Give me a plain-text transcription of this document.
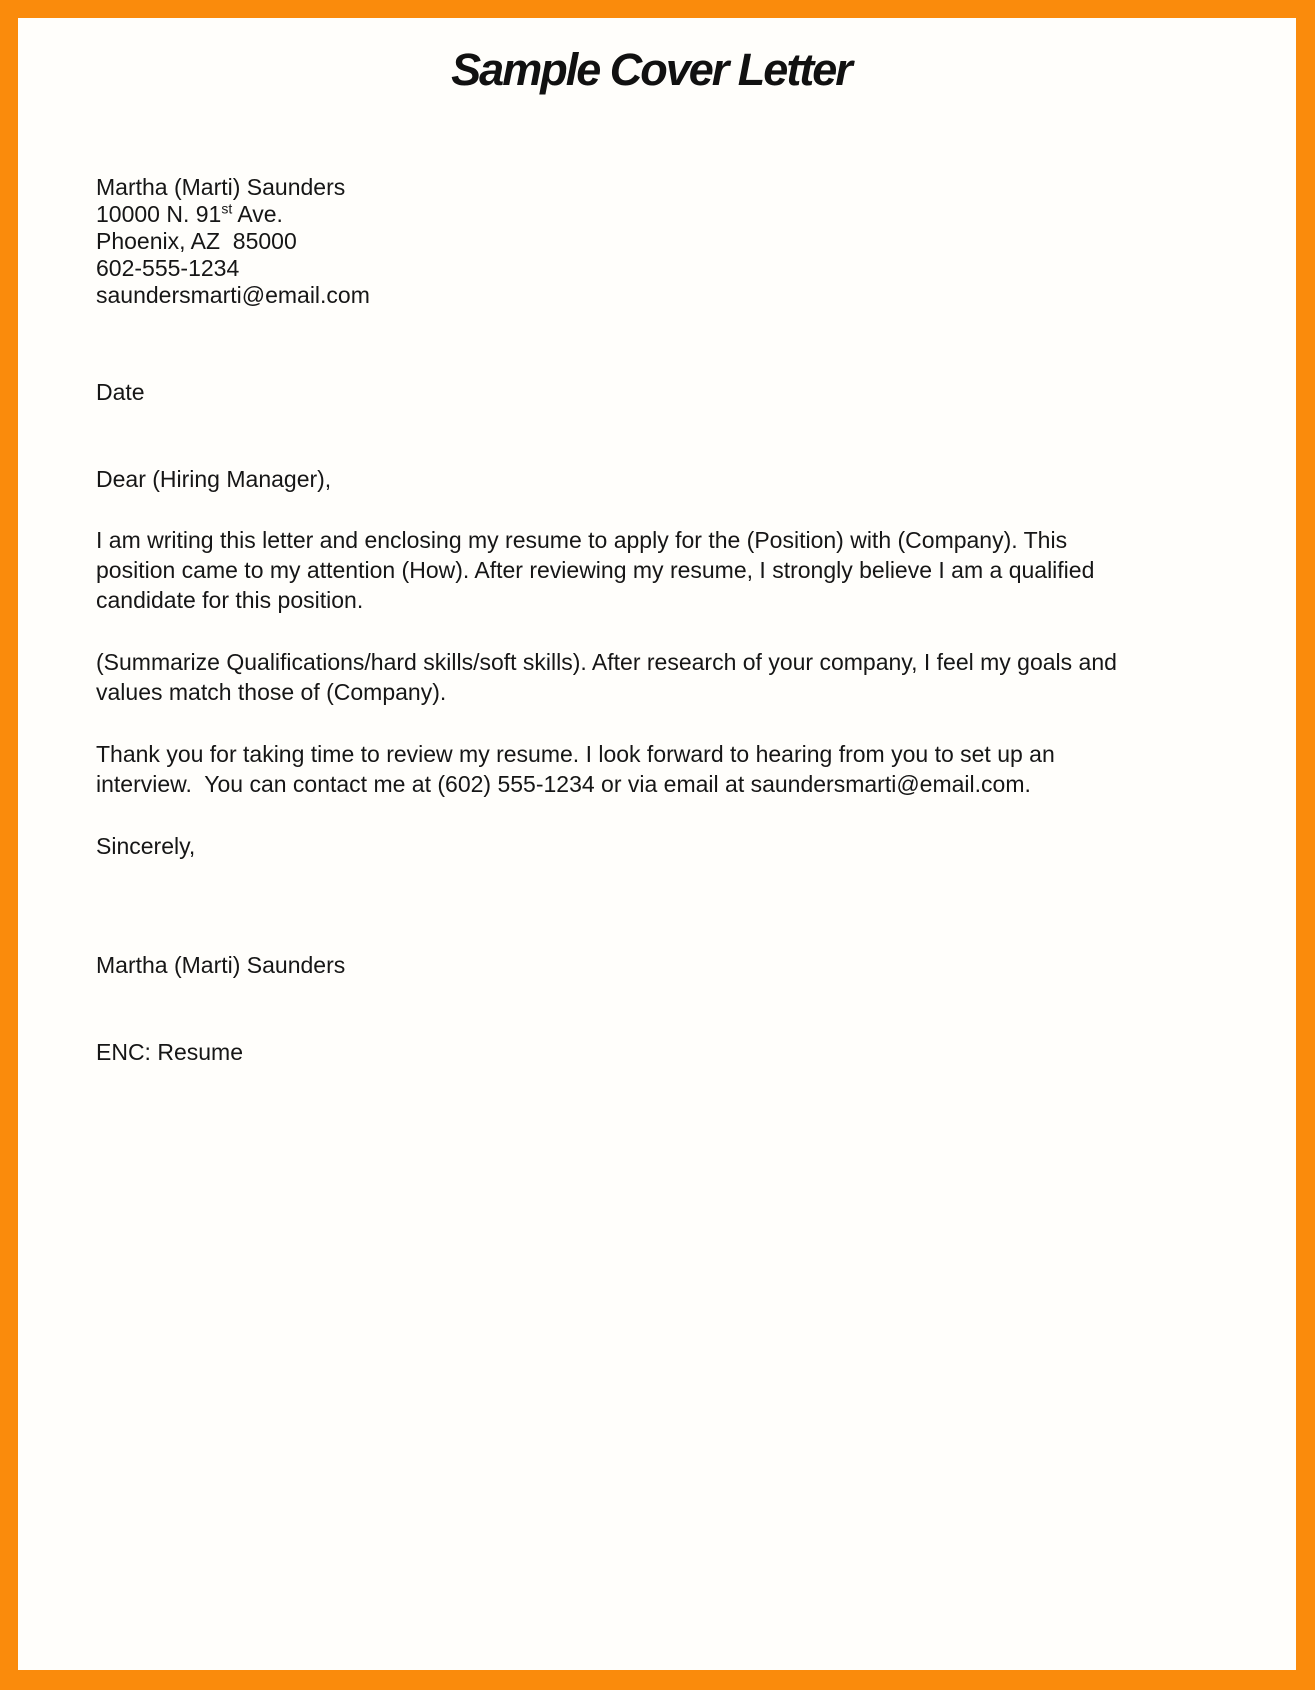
Sample Cover Letter
Martha (Marti) Saunders
10000 N. 91st Ave.
Phoenix, AZ  85000
602-555-1234
saundersmarti@email.com
Date
Dear (Hiring Manager),

I am writing this letter and enclosing my resume to apply for the (Position) with (Company). This
position came to my attention (How). After reviewing my resume, I strongly believe I am a qualified
candidate for this position.

(Summarize Qualifications/hard skills/soft skills). After research of your company, I feel my goals and
values match those of (Company).

Thank you for taking time to review my resume. I look forward to hearing from you to set up an
interview.  You can contact me at (602) 555-1234 or via email at saundersmarti@email.com.

Sincerely,
Martha (Marti) Saunders
ENC: Resume
